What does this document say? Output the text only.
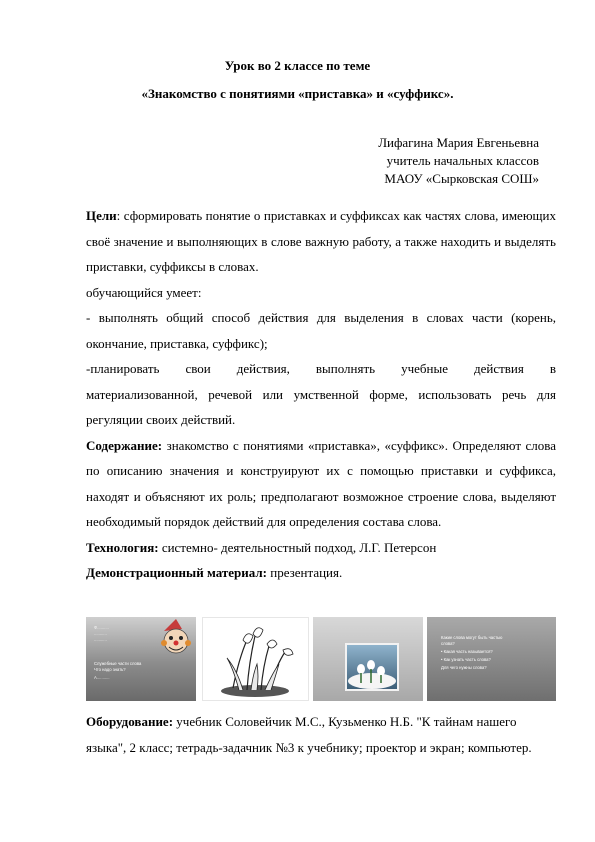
Урок во 2 классе по теме
«Знакомство с понятиями «приставка» и «суффикс».
Лифагина Мария Евгеньевна
учитель начальных классов
МАОУ «Сырковская СОШ»

Цели: сформировать понятие о приставках и суффиксах как частях слова, имеющих своё значение и выполняющих в слове важную работу, а также находить и выделять приставки, суффиксы в словах.

обучающийся умеет:

- выполнять общий способ действия для выделения в словах части (корень, окончание, приставка, суффикс);

-планировать свои действия, выполнять учебные действия в

материализованной, речевой или умственной форме, использовать речь для регуляции своих действий.

Содержание: знакомство с понятиями «приставка», «суффикс». Определяют слова по описанию значения и конструируют их с помощью приставки и суффикса, находят и объясняют их роль; предполагают возможное строение слова, выделяют необходимый порядок действий для определения состава слова.

Технология: системно- деятельностный подход, Л.Г. Петерсон

Демонстрационный материал: презентация.

Ф..........
...........
...........
Служебные части слова
Что надо знать?
А...........
Какие слова могут быть частью
слова?
• Какая часть называется?
• Как узнать часть слова?
Для чего нужны слова?

Оборудование: учебник Соловейчик М.С., Кузьменко Н.Б. "К тайнам нашего языка", 2 класс; тетрадь-задачник №3 к учебнику; проектор и экран; компьютер.
